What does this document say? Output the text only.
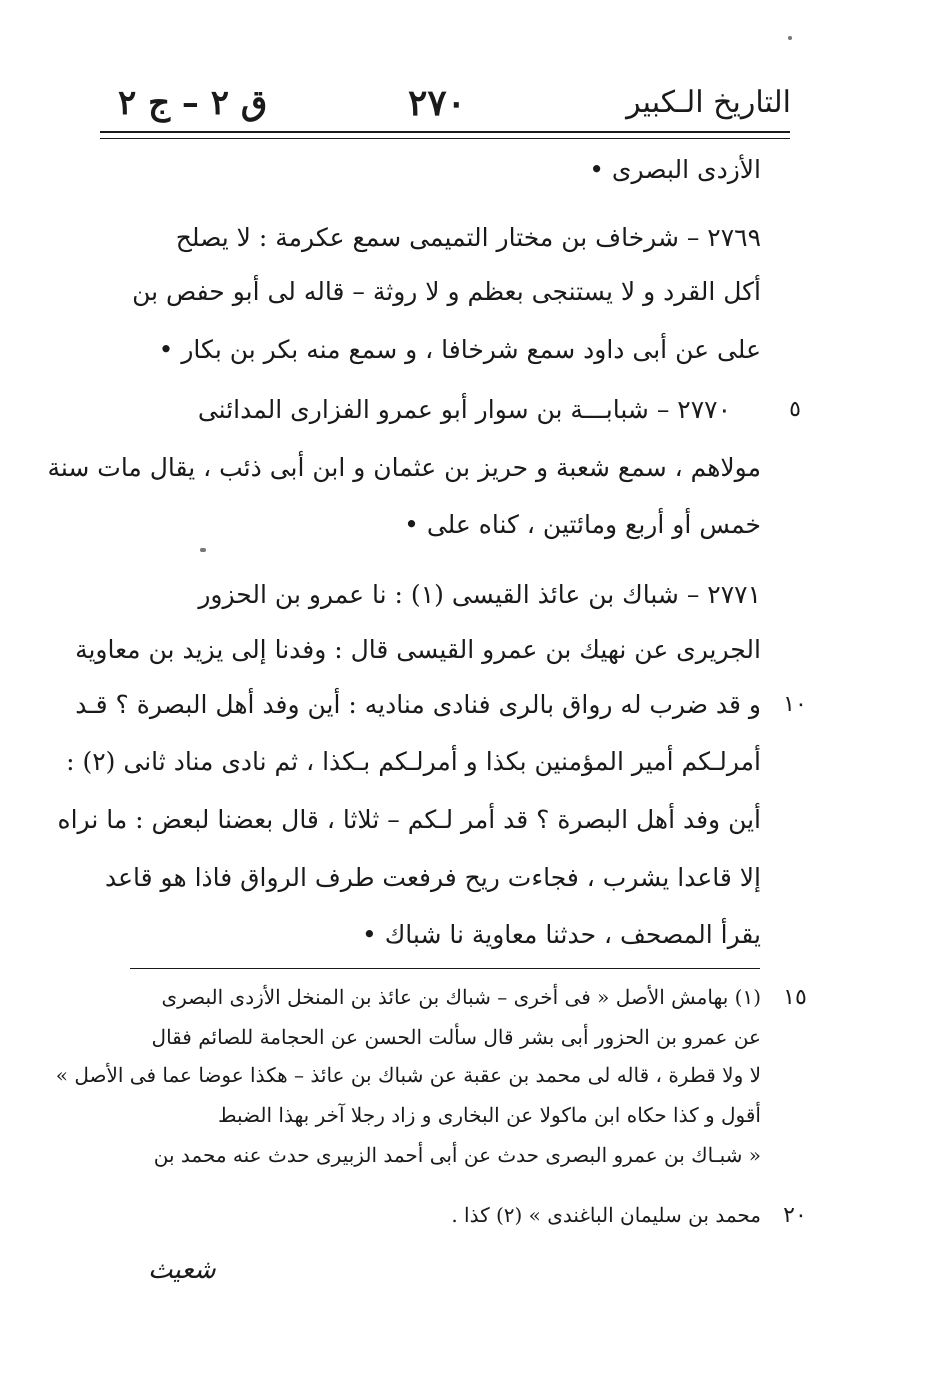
التاريخ الـكبير
٢٧٠
ق ٢ – ج ٢
الأزدى البصرى •
٢٧٦٩ – شرخاف بن مختار التميمى سمع عكرمة : لا يصلح
أكل القرد و لا يستنجى بعظم و لا روثة – قاله لى أبو حفص بن
على عن أبى داود سمع شرخافا ، و سمع منه بكر بن بكار •
٥
٢٧٧٠ – شبابـــة بن سوار أبو عمرو الفزارى المدائنى
مولاهم ، سمع شعبة و حريز بن عثمان و ابن أبى ذئب ، يقال مات سنة
خمس أو أربع ومائتين ، كناه على •
٢٧٧١ – شباك بن عائذ القيسى (١) : نا عمرو بن الحزور
الجريرى عن نهيك بن عمرو القيسى قال : وفدنا إلى يزيد بن معاوية
١٠
و قد ضرب له رواق بالرى فنادى مناديه : أين وفد أهل البصرة ؟ قـد
أمرلـكم أمير المؤمنين بكذا و أمرلـكم بـكذا ، ثم نادى مناد ثانى (٢) :
أين وفد أهل البصرة ؟ قد أمر لـكم – ثلاثا ، قال بعضنا لبعض : ما نراه
إلا قاعدا يشرب ، فجاءت ريح فرفعت طرف الرواق فاذا هو قاعد
يقرأ المصحف ، حدثنا معاوية نا شباك •
١٥
(١) بهامش الأصل « فى أخرى – شباك بن عائذ بن المنخل الأزدى البصرى
عن عمرو بن الحزور أبى بشر قال سألت الحسن عن الحجامة للصائم فقال
لا ولا قطرة ، قاله لى محمد بن عقبة عن شباك بن عائذ – هكذا عوضا عما فى الأصل »
أقول و كذا حكاه ابن ماكولا عن البخارى و زاد رجلا آخر بهذا الضبط
« شبـاك بن عمرو البصرى حدث عن أبى أحمد الزبيرى حدث عنه محمد بن
٢٠
محمد بن سليمان الباغندى » (٢) كذا .
شعيث
